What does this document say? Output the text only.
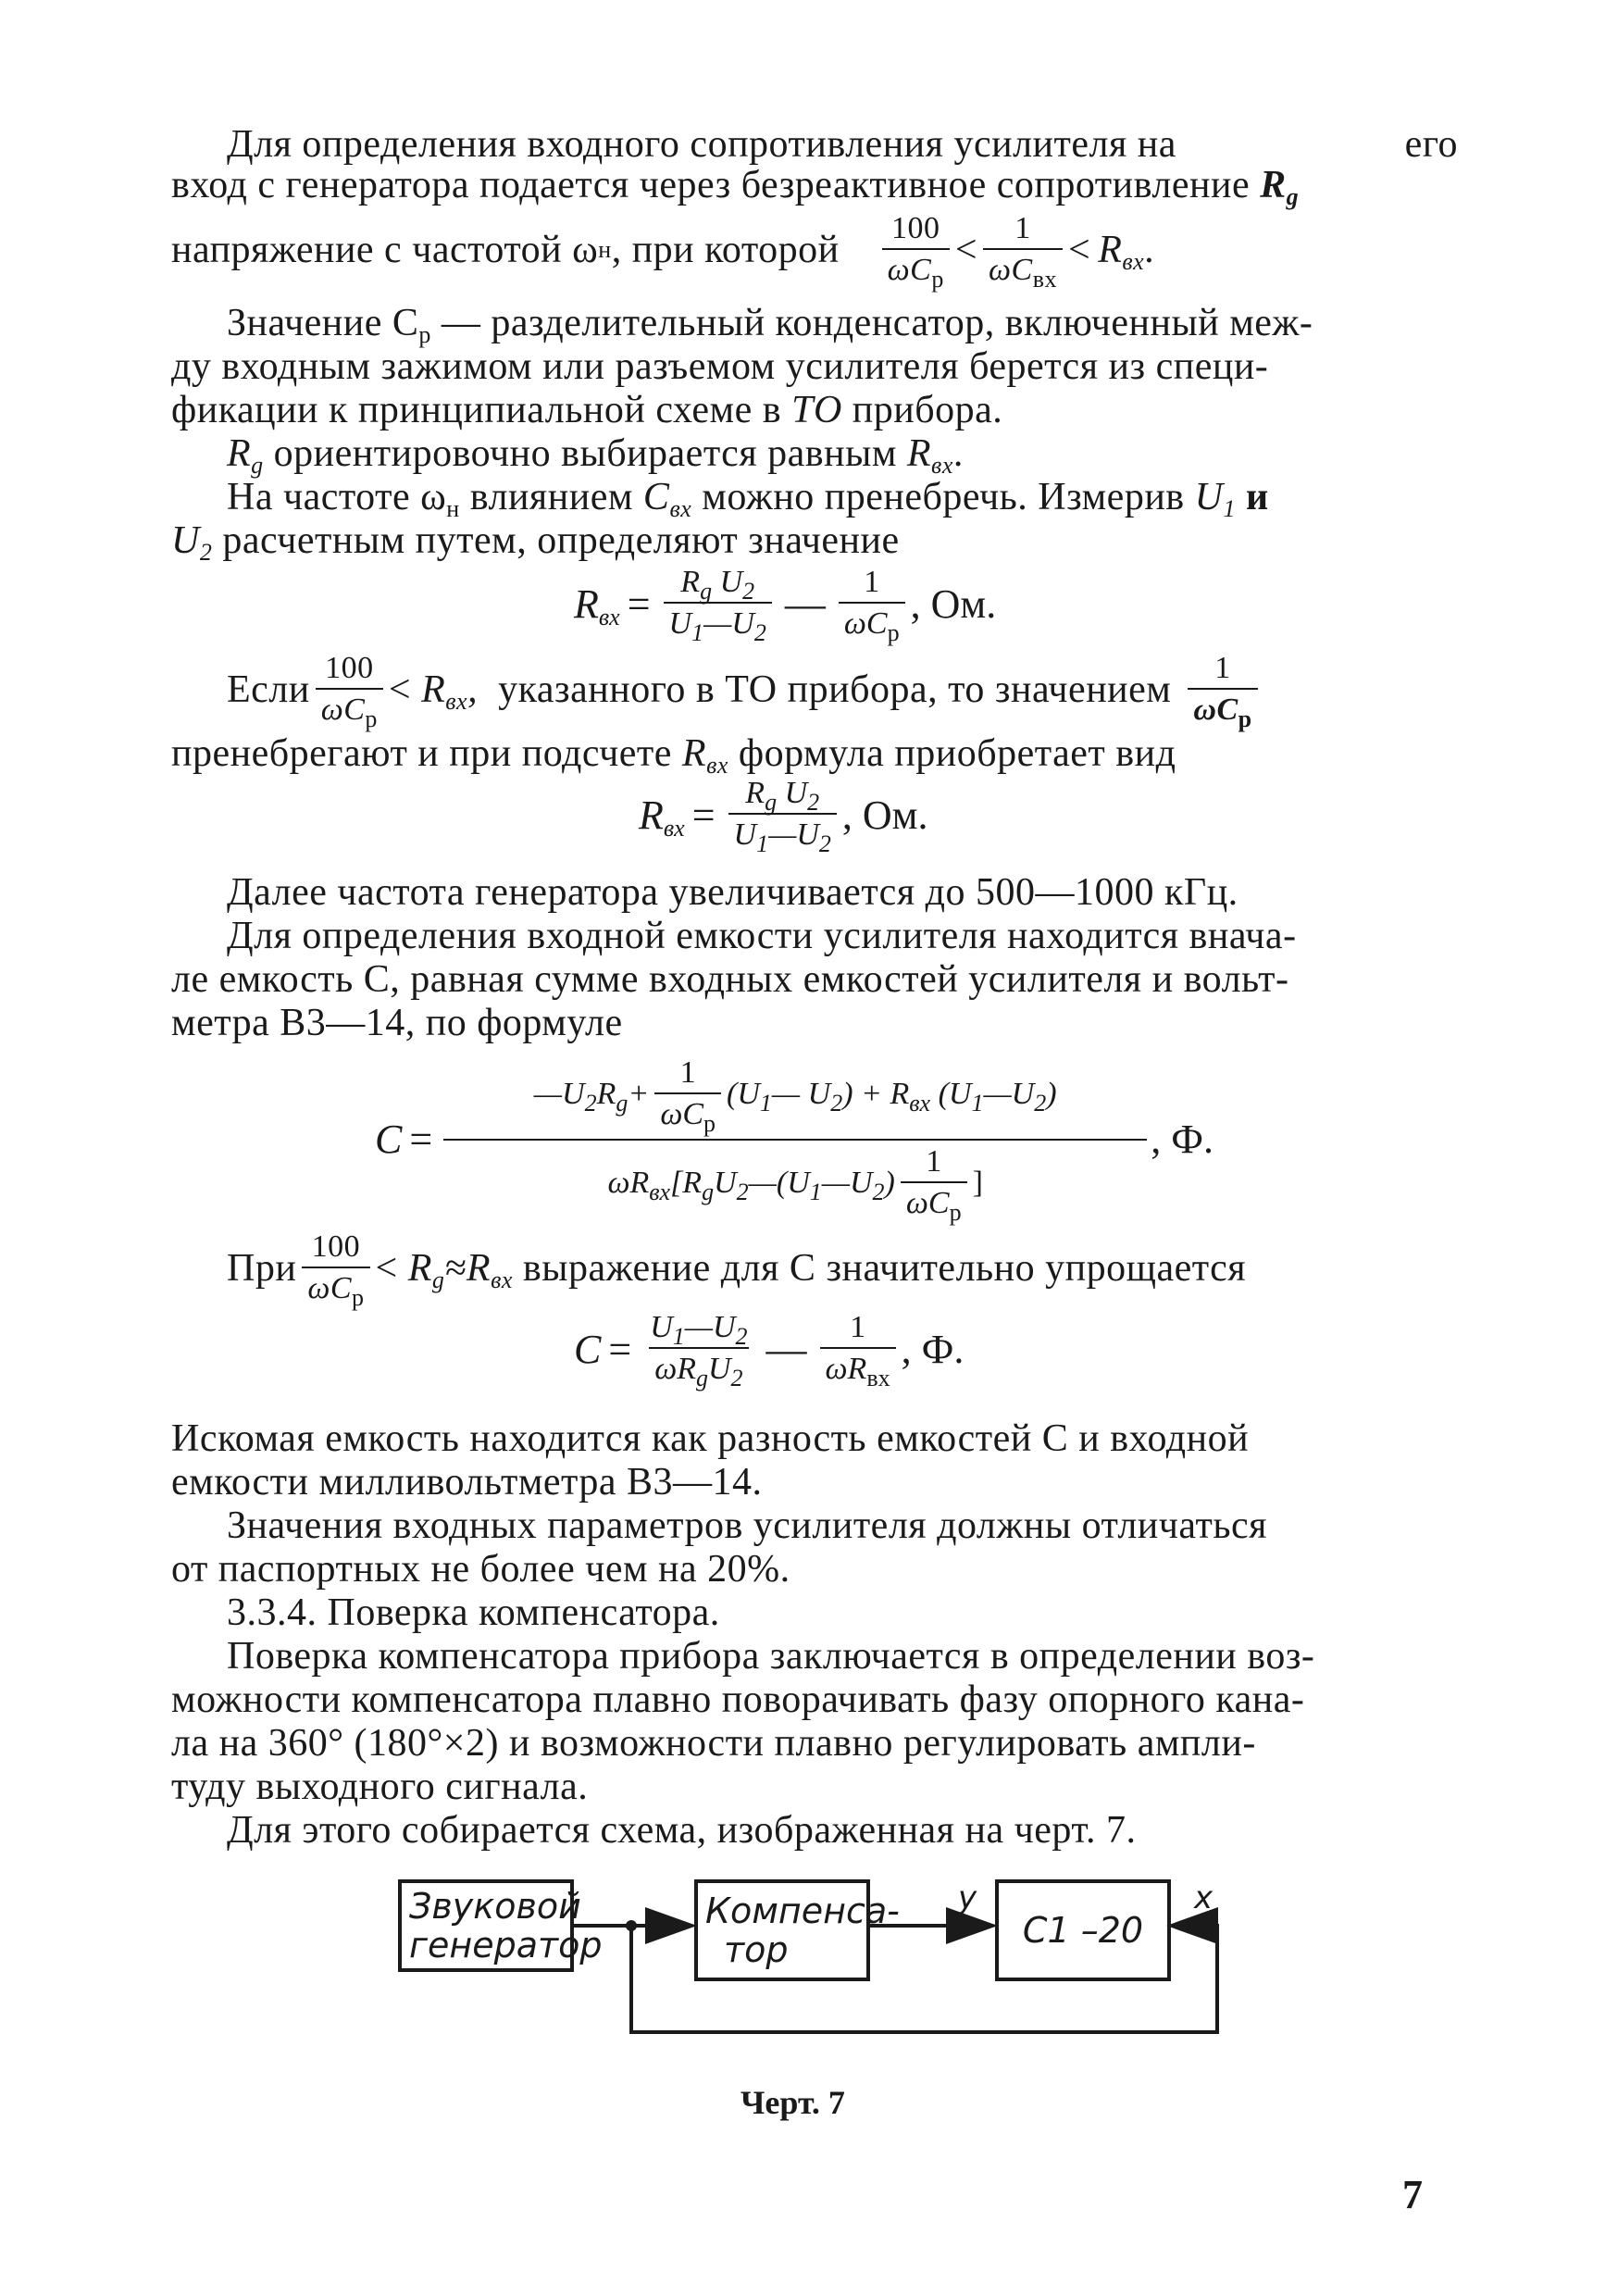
Для определения входного сопротивления усилителя на	его
вход с генератора подается через безреактивное сопротивление $R_g$
напряжение с частотой ω н , при которой $\frac{100}{\omega C_р} < \frac{1}{\omega C_{вх}} < R_{вх}$ .
Значение $C_р$ — разделительный конденсатор, включенный меж-
ду входным зажимом или разъемом усилителя берется из специ-
фикации к принципиальной схеме в ТО прибора.
$R_g$ ориентировочно выбирается равным $R_{вх}$.
На частоте $\omega_н$ влиянием $C_{вх}$ можно пренебречь. Измерив $U_1$ и
$U_2$ расчетным путем, определяют значение
$R_{вх} = \frac{R_g U_2}{U_1—U_2}$ — $\frac{1}{\omega C_р}$ , Ом.
Если $\frac{100}{\omega C_р} < R_{вх}$,
указанного в ТО прибора, то значением $\frac{1}{\omega C_р}$
пренебрегают и при подсчете $R_{вх}$ формула приобретает вид
$R_{вх} = \frac{R_g U_2}{U_1—U_2}$ , Ом.
Далее частота генератора увеличивается до 500—1000 кГц.
Для определения входной емкости усилителя находится внача-
ле емкость C, равная сумме входных емкостей усилителя и вольт-
метра В3—14, по формуле
$C = \frac{—U_2R_g+ \frac{1}{\omega C_р} (U_1— U_2) + R_{вх} (U_1—U_2)}{\omega R_{вх}[R_gU_2—(U_1—U_2) \frac{1}{\omega C_р} ]}$ , Ф.
При $\frac{100}{\omega C_р} < R_g\approx R_{вх}$
выражение для C значительно упрощается
$C = \frac{U_1—U_2}{\omega R_gU_2}$ — $\frac{1}{\omega R_{вх}}$ , Ф.
Искомая емкость находится как разность емкостей C и входной
емкости милливольтметра В3—14.
Значения входных параметров усилителя должны отличаться
от паспортных не более чем на 20%.
3.3.4. Поверка компенсатора.
Поверка компенсатора прибора заключается в определении воз-
можности компенсатора плавно поворачивать фазу опорного кана-
ла на 360° (180°×2) и возможности плавно регулировать ампли-
туду выходного сигнала.
Для этого собирается схема, изображенная на черт. 7.
Звуковой
генератор
Компенса-
тор	С1 –20
y	x
Черт. 7
7
